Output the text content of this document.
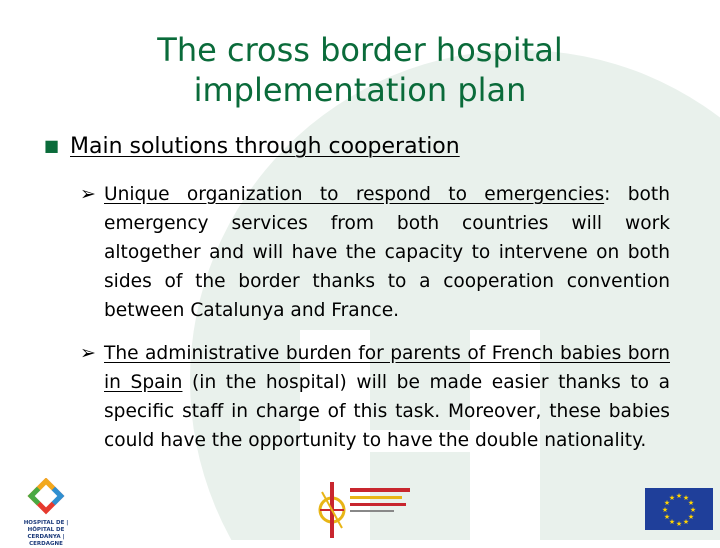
The cross border hospital implementation plan
■ Main solutions through cooperation
➢ Unique organization to respond to emergencies: both emergency services from both countries will work altogether and will have the capacity to intervene on both sides of the border thanks to a cooperation convention between Catalunya and France.

➢ The administrative burden for parents of French babies born in Spain (in the hospital) will be made easier thanks to a specific staff in charge of this task. Moreover, these babies could have the opportunity to have the double nationality.

HOSPITAL DE | HÔPITAL DE
CERDANYA | CERDAGNE
★ ★
★
★
★
★
★
★
★
★
★
★
